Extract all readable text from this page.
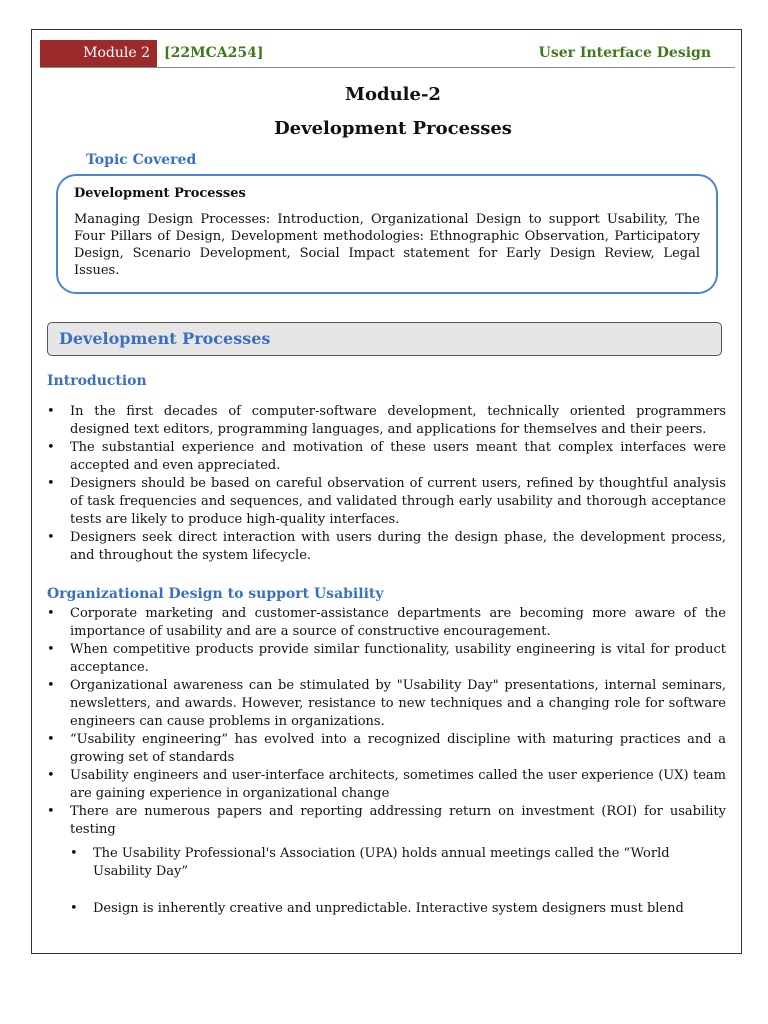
Module 2	[22MCA254]	User Interface Design
Module-2
Development Processes
Topic Covered
Development Processes

Managing Design Processes: Introduction, Organizational Design to support Usability, The Four Pillars of Design, Development methodologies: Ethnographic Observation, Participatory Design, Scenario Development, Social Impact statement for Early Design Review, Legal Issues.

Development Processes
Introduction
• In the first decades of computer-software development, technically oriented programmers designed text editors, programming languages, and applications for themselves and their peers.
• The substantial experience and motivation of these users meant that complex interfaces were accepted and even appreciated.
• Designers should be based on careful observation of current users, refined by thoughtful analysis of task frequencies and sequences, and validated through early usability and thorough acceptance tests are likely to produce high-quality interfaces.
• Designers seek direct interaction with users during the design phase, the development process, and throughout the system lifecycle.
Organizational Design to support Usability
• Corporate marketing and customer-assistance departments are becoming more aware of the importance of usability and are a source of constructive encouragement.
• When competitive products provide similar functionality, usability engineering is vital for product acceptance.
• Organizational awareness can be stimulated by "Usability Day" presentations, internal seminars, newsletters, and awards. However, resistance to new techniques and a changing role for software engineers can cause problems in organizations.
• “Usability engineering” has evolved into a recognized discipline with maturing practices and a growing set of standards
• Usability engineers and user-interface architects, sometimes called the user experience (UX) team are gaining experience in organizational change
• There are numerous papers and reporting addressing return on investment (ROI) for usability testing
•	The Usability Professional's Association (UPA) holds annual meetings called the “World Usability Day”
•	Design is inherently creative and unpredictable. Interactive system designers must blend
